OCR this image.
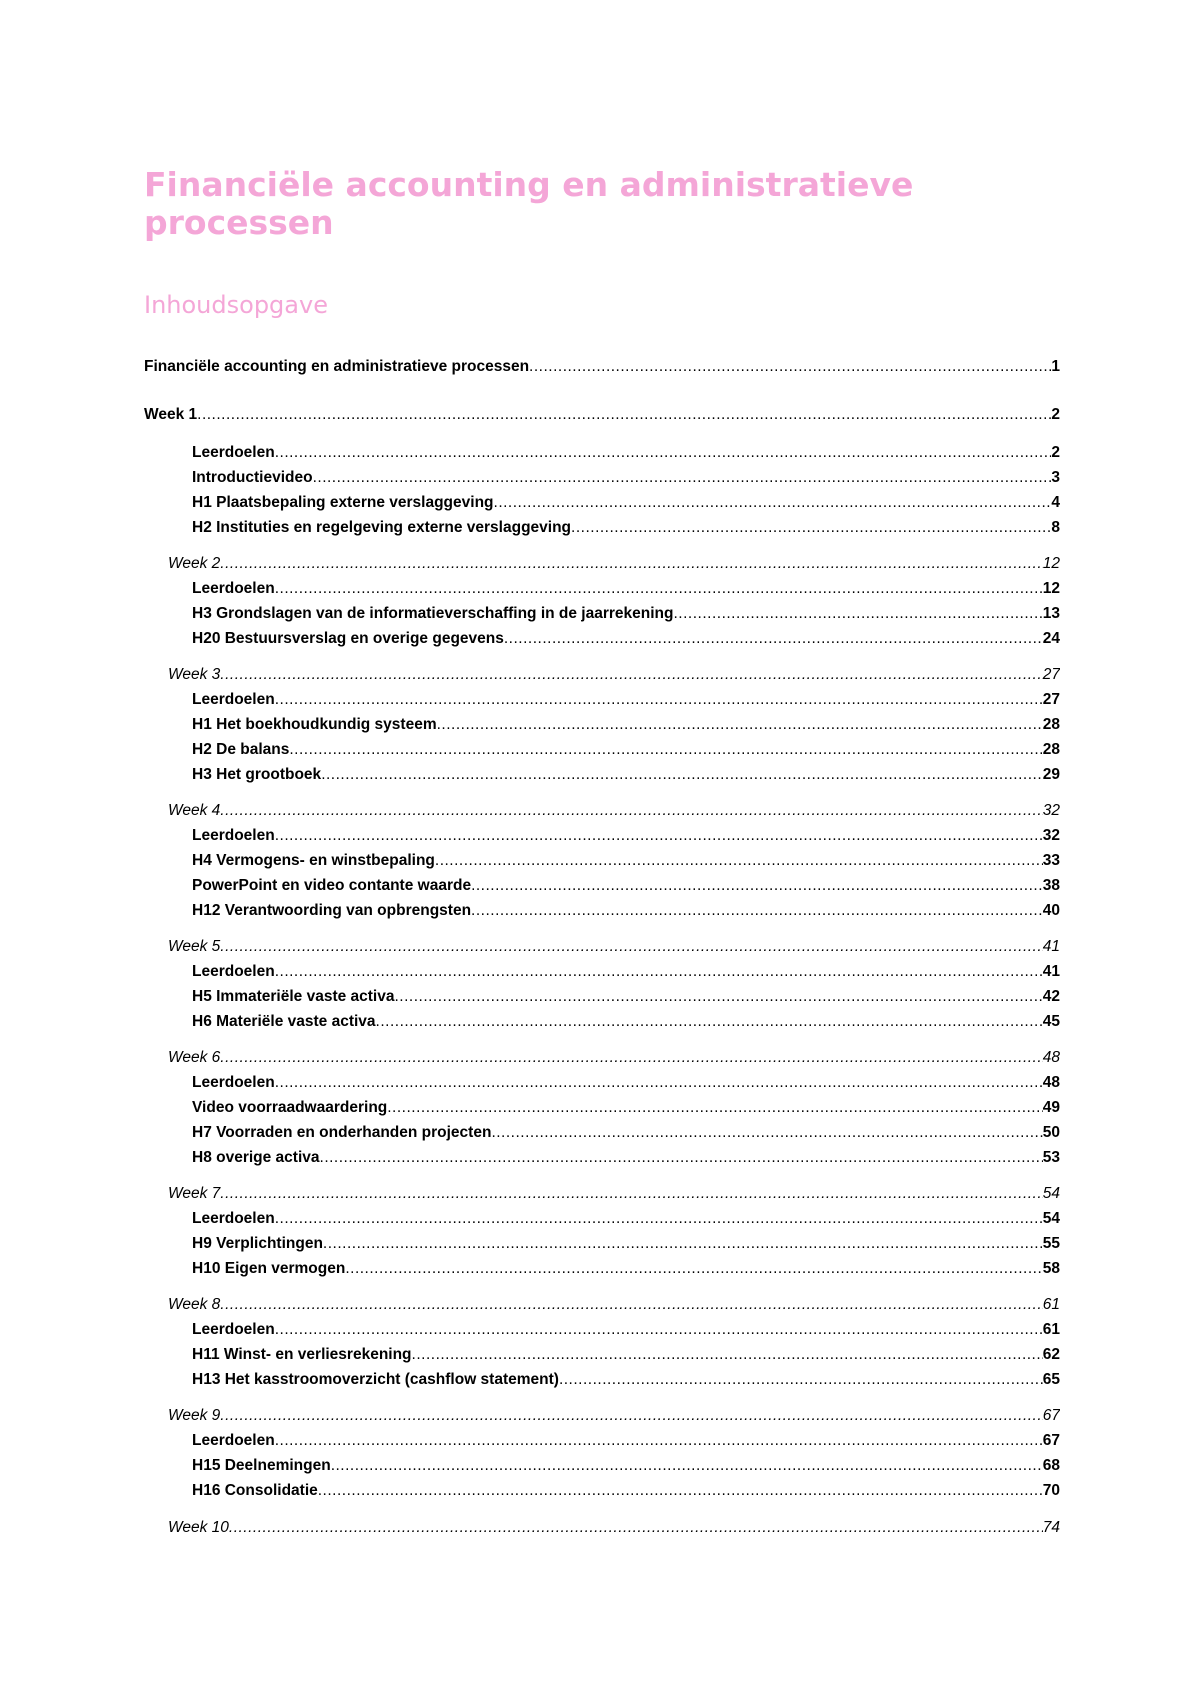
Financiële accounting en administratieve processen
Inhoudsopgave
Financiële accounting en administratieve processen .....	1
Week 1 .....	2
Leerdoelen .....	2
Introductievideo .....	3
H1 Plaatsbepaling externe verslaggeving .....	4
H2 Instituties en regelgeving externe verslaggeving .....	8
Week 2 .....	12
Leerdoelen .....	12
H3 Grondslagen van de informatieverschaffing in de jaarrekening .....	13
H20 Bestuursverslag en overige gegevens .....	24
Week 3 .....	27
Leerdoelen .....	27
H1 Het boekhoudkundig systeem .....	28
H2 De balans .....	28
H3 Het grootboek .....	29
Week 4 .....	32
Leerdoelen .....	32
H4 Vermogens- en winstbepaling .....	33
PowerPoint en video contante waarde .....	38
H12 Verantwoording van opbrengsten .....	40
Week 5 .....	41
Leerdoelen .....	41
H5 Immateriële vaste activa .....	42
H6 Materiële vaste activa .....	45
Week 6 .....	48
Leerdoelen .....	48
Video voorraadwaardering .....	49
H7 Voorraden en onderhanden projecten .....	50
H8 overige activa .....	53
Week 7 .....	54
Leerdoelen .....	54
H9 Verplichtingen .....	55
H10 Eigen vermogen .....	58
Week 8 .....	61
Leerdoelen .....	61
H11 Winst- en verliesrekening .....	62
H13 Het kasstroomoverzicht (cashflow statement) .....	65
Week 9 .....	67
Leerdoelen .....	67
H15 Deelnemingen .....	68
H16 Consolidatie .....	70
Week 10 .....	74
